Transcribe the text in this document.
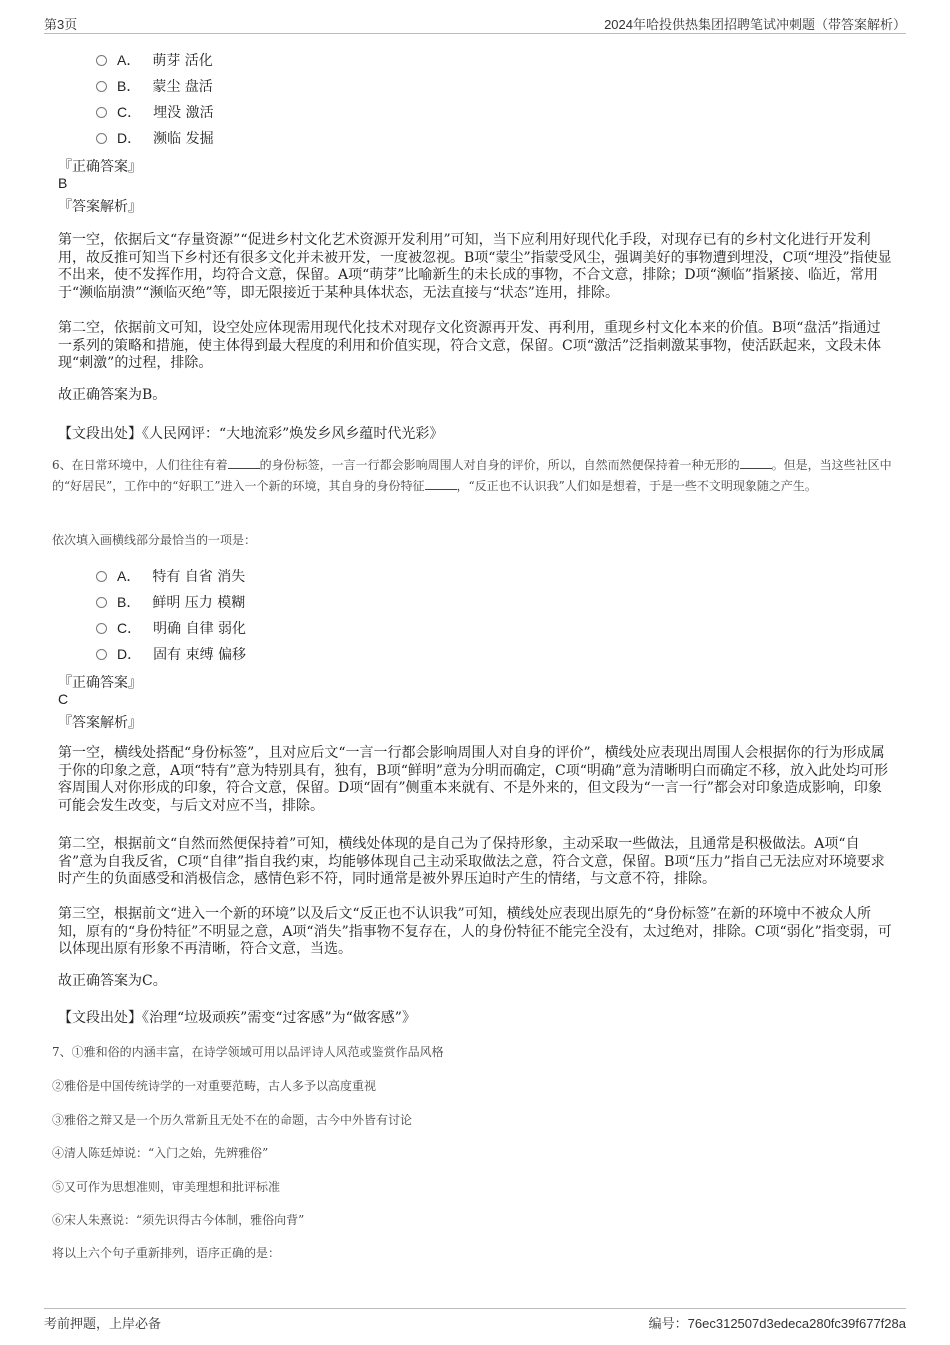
第3页	2024年哈投供热集团招聘笔试冲刺题（带答案解析）
A． 萌芽 活化
B． 蒙尘 盘活
C． 埋没 激活
D． 濒临 发掘
『正确答案』
B
『答案解析』
第一空，依据后文“存量资源”“促进乡村文化艺术资源开发利用”可知，当下应利用好现代化手段，对现存已有的乡村文化进行开发利用，故反推可知当下乡村还有很多文化并未被开发，一度被忽视。B项“蒙尘”指蒙受风尘，强调美好的事物遭到埋没，C项“埋没”指使显不出来，使不发挥作用，均符合文意，保留。A项“萌芽”比喻新生的未长成的事物，不合文意，排除；D项“濒临”指紧接、临近，常用于“濒临崩溃”“濒临灭绝”等，即无限接近于某种具体状态，无法直接与“状态”连用，排除。
第二空，依据前文可知，设空处应体现需用现代化技术对现存文化资源再开发、再利用，重现乡村文化本来的价值。B项“盘活”指通过一系列的策略和措施，使主体得到最大程度的利用和价值实现，符合文意，保留。C项“激活”泛指刺激某事物，使活跃起来，文段未体现“刺激”的过程，排除。
故正确答案为B。
【文段出处】《人民网评：“大地流彩”焕发乡风乡蕴时代光彩》
6、在日常环境中，人们往往有着	的身份标签，一言一行都会影响周围人对自身的评价，所以，自然而然便保持着一种无形的	。但是，当这些社区中的“好居民”，工作中的“好职工”进入一个新的环境，其自身的身份特征	，“反正也不认识我”人们如是想着，于是一些不文明现象随之产生。
依次填入画横线部分最恰当的一项是：
A． 特有 自省 消失
B． 鲜明 压力 模糊
C． 明确 自律 弱化
D． 固有 束缚 偏移
『正确答案』
C
『答案解析』
第一空，横线处搭配“身份标签”，且对应后文“一言一行都会影响周围人对自身的评价”，横线处应表现出周围人会根据你的行为形成属于你的印象之意，A项“特有”意为特别具有，独有，B项“鲜明”意为分明而确定，C项“明确”意为清晰明白而确定不移，放入此处均可形容周围人对你形成的印象，符合文意，保留。D项“固有”侧重本来就有、不是外来的，但文段为“一言一行”都会对印象造成影响，印象可能会发生改变，与后文对应不当，排除。
第二空，根据前文“自然而然便保持着”可知，横线处体现的是自己为了保持形象，主动采取一些做法，且通常是积极做法。A项“自省”意为自我反省，C项“自律”指自我约束，均能够体现自己主动采取做法之意，符合文意，保留。B项“压力”指自己无法应对环境要求时产生的负面感受和消极信念，感情色彩不符，同时通常是被外界压迫时产生的情绪，与文意不符，排除。
第三空，根据前文“进入一个新的环境”以及后文“反正也不认识我”可知，横线处应表现出原先的“身份标签”在新的环境中不被众人所知，原有的“身份特征”不明显之意，A项“消失”指事物不复存在，人的身份特征不能完全没有，太过绝对，排除。C项“弱化”指变弱，可以体现出原有形象不再清晰，符合文意，当选。
故正确答案为C。
【文段出处】《治理“垃圾顽疾”需变“过客感”为“做客感”》
7、①雅和俗的内涵丰富，在诗学领域可用以品评诗人风范或鉴赏作品风格
②雅俗是中国传统诗学的一对重要范畴，古人多予以高度重视
③雅俗之辩又是一个历久常新且无处不在的命题，古今中外皆有讨论
④清人陈廷焯说：“入门之始，先辨雅俗”
⑤又可作为思想准则，审美理想和批评标准
⑥宋人朱熹说：“须先识得古今体制，雅俗向背”
将以上六个句子重新排列，语序正确的是：
考前押题，上岸必备	编号：76ec312507d3edeca280fc39f677f28a
